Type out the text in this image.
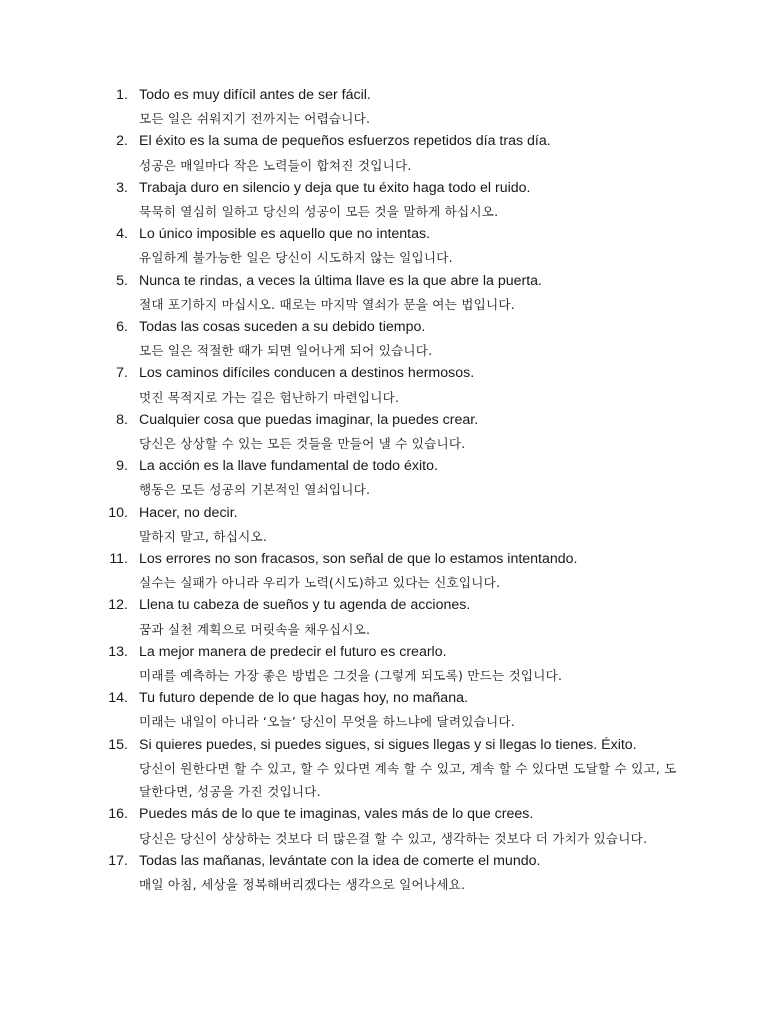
1. Todo es muy difícil antes de ser fácil.
모든 일은 쉬워지기 전까지는 어렵습니다.
2. El éxito es la suma de pequeños esfuerzos repetidos día tras día.
성공은 매일마다 작은 노력들이 합쳐진 것입니다.
3. Trabaja duro en silencio y deja que tu éxito haga todo el ruido.
묵묵히 열심히 일하고 당신의 성공이 모든 것을 말하게 하십시오.
4. Lo único imposible es aquello que no intentas.
유일하게 불가능한 일은 당신이 시도하지 않는 일입니다.
5. Nunca te rindas, a veces la última llave es la que abre la puerta.
절대 포기하지 마십시오. 때로는 마지막 열쇠가 문을 여는 법입니다.
6. Todas las cosas suceden a su debido tiempo.
모든 일은 적절한 때가 되면 일어나게 되어 있습니다.
7. Los caminos difíciles conducen a destinos hermosos.
멋진 목적지로 가는 길은 험난하기 마련입니다.
8. Cualquier cosa que puedas imaginar, la puedes crear.
당신은 상상할 수 있는 모든 것들을 만들어 낼 수 있습니다.
9. La acción es la llave fundamental de todo éxito.
행동은 모든 성공의 기본적인 열쇠입니다.
10. Hacer, no decir.
말하지 말고, 하십시오.
11. Los errores no son fracasos, son señal de que lo estamos intentando.
실수는 실패가 아니라 우리가 노력(시도)하고 있다는 신호입니다.
12. Llena tu cabeza de sueños y tu agenda de acciones.
꿈과 실천 계획으로 머릿속을 채우십시오.
13. La mejor manera de predecir el futuro es crearlo.
미래를 예측하는 가장 좋은 방법은 그것을 (그렇게 되도록) 만드는 것입니다.
14. Tu futuro depende de lo que hagas hoy, no mañana.
미래는 내일이 아니라 ‘오늘’ 당신이 무엇을 하느냐에 달려있습니다.
15. Si quieres puedes, si puedes sigues, si sigues llegas y si llegas lo tienes. Éxito.
당신이 원한다면 할 수 있고, 할 수 있다면 계속 할 수 있고, 계속 할 수 있다면 도달할 수 있고, 도달한다면, 성공을 가진 것입니다.
16. Puedes más de lo que te imaginas, vales más de lo que crees.
당신은 당신이 상상하는 것보다 더 많은걸 할 수 있고, 생각하는 것보다 더 가치가 있습니다.
17. Todas las mañanas, levántate con la idea de comerte el mundo.
매일 아침, 세상을 정복해버리겠다는 생각으로 일어나세요.
